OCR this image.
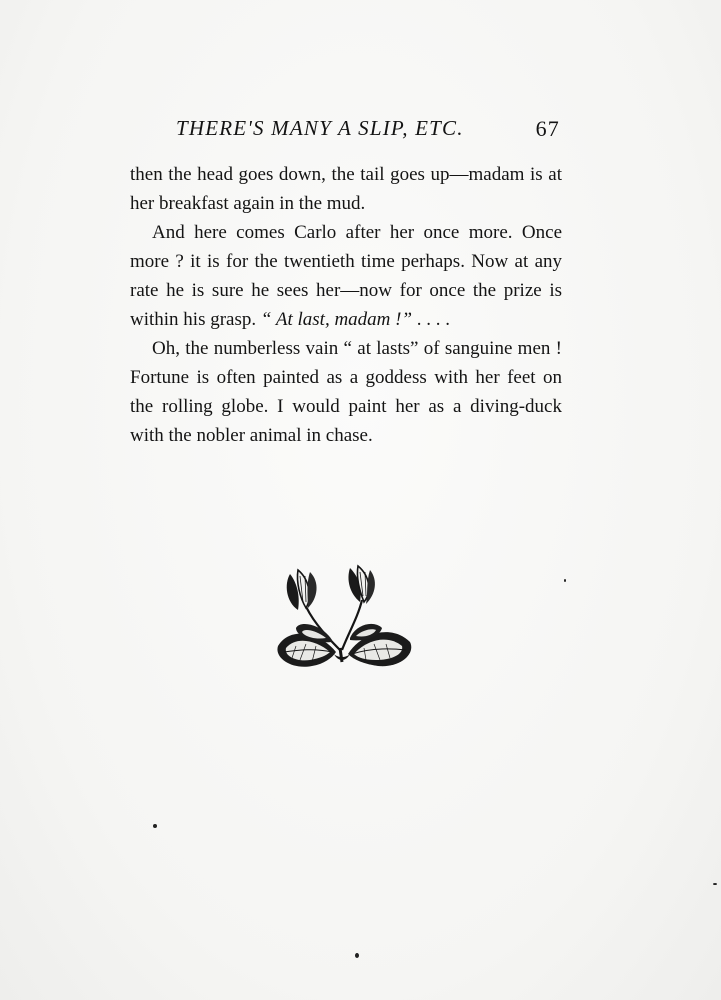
THERE'S MANY A SLIP, ETC.	67

then the head goes down, the tail goes up—madam is at her breakfast again in the mud.

And here comes Carlo after her once more. Once more ? it is for the twentieth time perhaps. Now at any rate he is sure he sees her—now for once the prize is within his grasp. “ At last, madam !” . . . .

Oh, the numberless vain “ at lasts” of sanguine men ! Fortune is often painted as a goddess with her feet on the rolling globe. I would paint her as a diving-duck with the nobler animal in chase.
